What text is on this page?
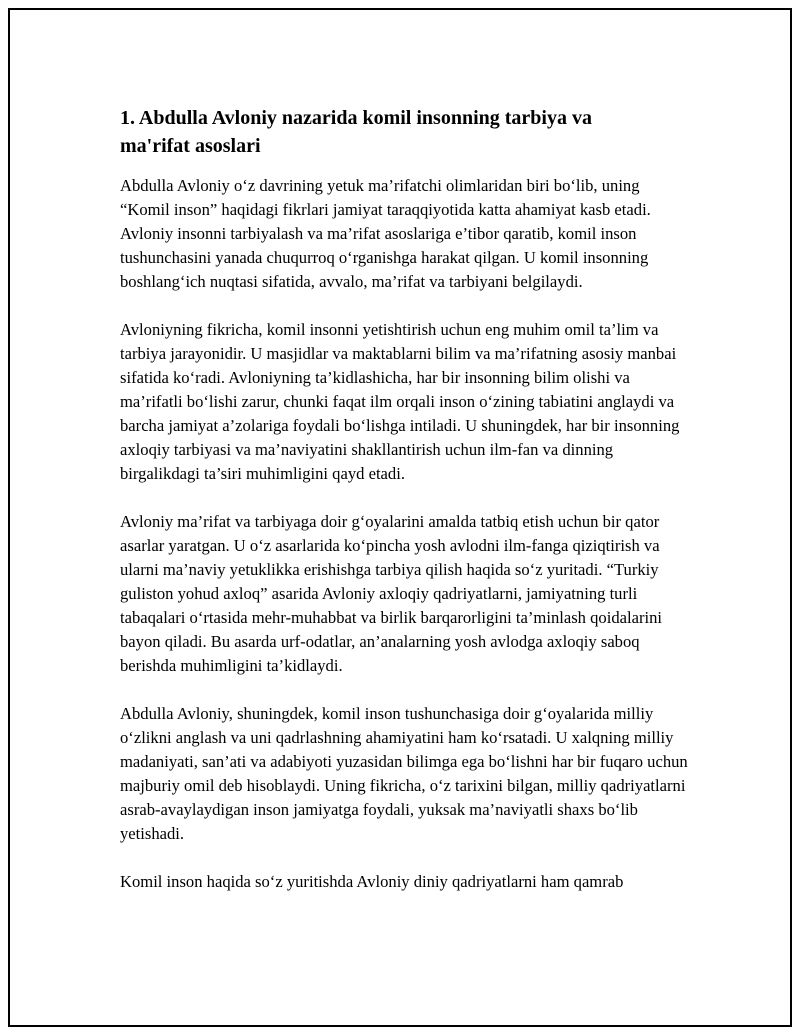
1. Abdulla Avloniy nazarida komil insonning tarbiya va
ma'rifat asoslari

Abdulla Avloniy o‘z davrining yetuk ma’rifatchi olimlaridan biri bo‘lib, uning “Komil inson” haqidagi fikrlari jamiyat taraqqiyotida katta ahamiyat kasb etadi. Avloniy insonni tarbiyalash va ma’rifat asoslariga e’tibor qaratib, komil inson tushunchasini yanada chuqurroq o‘rganishga harakat qilgan. U komil insonning boshlang‘ich nuqtasi sifatida, avvalo, ma’rifat va tarbiyani belgilaydi.

Avloniyning fikricha, komil insonni yetishtirish uchun eng muhim omil ta’lim va tarbiya jarayonidir. U masjidlar va maktablarni bilim va ma’rifatning asosiy manbai sifatida ko‘radi. Avloniyning ta’kidlashicha, har bir insonning bilim olishi va ma’rifatli bo‘lishi zarur, chunki faqat ilm orqali inson o‘zining tabiatini anglaydi va barcha jamiyat a’zolariga foydali bo‘lishga intiladi. U shuningdek, har bir insonning axloqiy tarbiyasi va ma’naviyatini shakllantirish uchun ilm-fan va dinning birgalikdagi ta’siri muhimligini qayd etadi.

Avloniy ma’rifat va tarbiyaga doir g‘oyalarini amalda tatbiq etish uchun bir qator asarlar yaratgan. U o‘z asarlarida ko‘pincha yosh avlodni ilm-fanga qiziqtirish va ularni ma’naviy yetuklikka erishishga tarbiya qilish haqida so‘z yuritadi. “Turkiy guliston yohud axloq” asarida Avloniy axloqiy qadriyatlarni, jamiyatning turli tabaqalari o‘rtasida mehr-muhabbat va birlik barqarorligini ta’minlash qoidalarini bayon qiladi. Bu asarda urf-odatlar, an’analarning yosh avlodga axloqiy saboq berishda muhimligini ta’kidlaydi.

Abdulla Avloniy, shuningdek, komil inson tushunchasiga doir g‘oyalarida milliy o‘zlikni anglash va uni qadrlashning ahamiyatini ham ko‘rsatadi. U xalqning milliy madaniyati, san’ati va adabiyoti yuzasidan bilimga ega bo‘lishni har bir fuqaro uchun majburiy omil deb hisoblaydi. Uning fikricha, o‘z tarixini bilgan, milliy qadriyatlarni asrab-avaylaydigan inson jamiyatga foydali, yuksak ma’naviyatli shaxs bo‘lib yetishadi.

Komil inson haqida so‘z yuritishda Avloniy diniy qadriyatlarni ham qamrab
